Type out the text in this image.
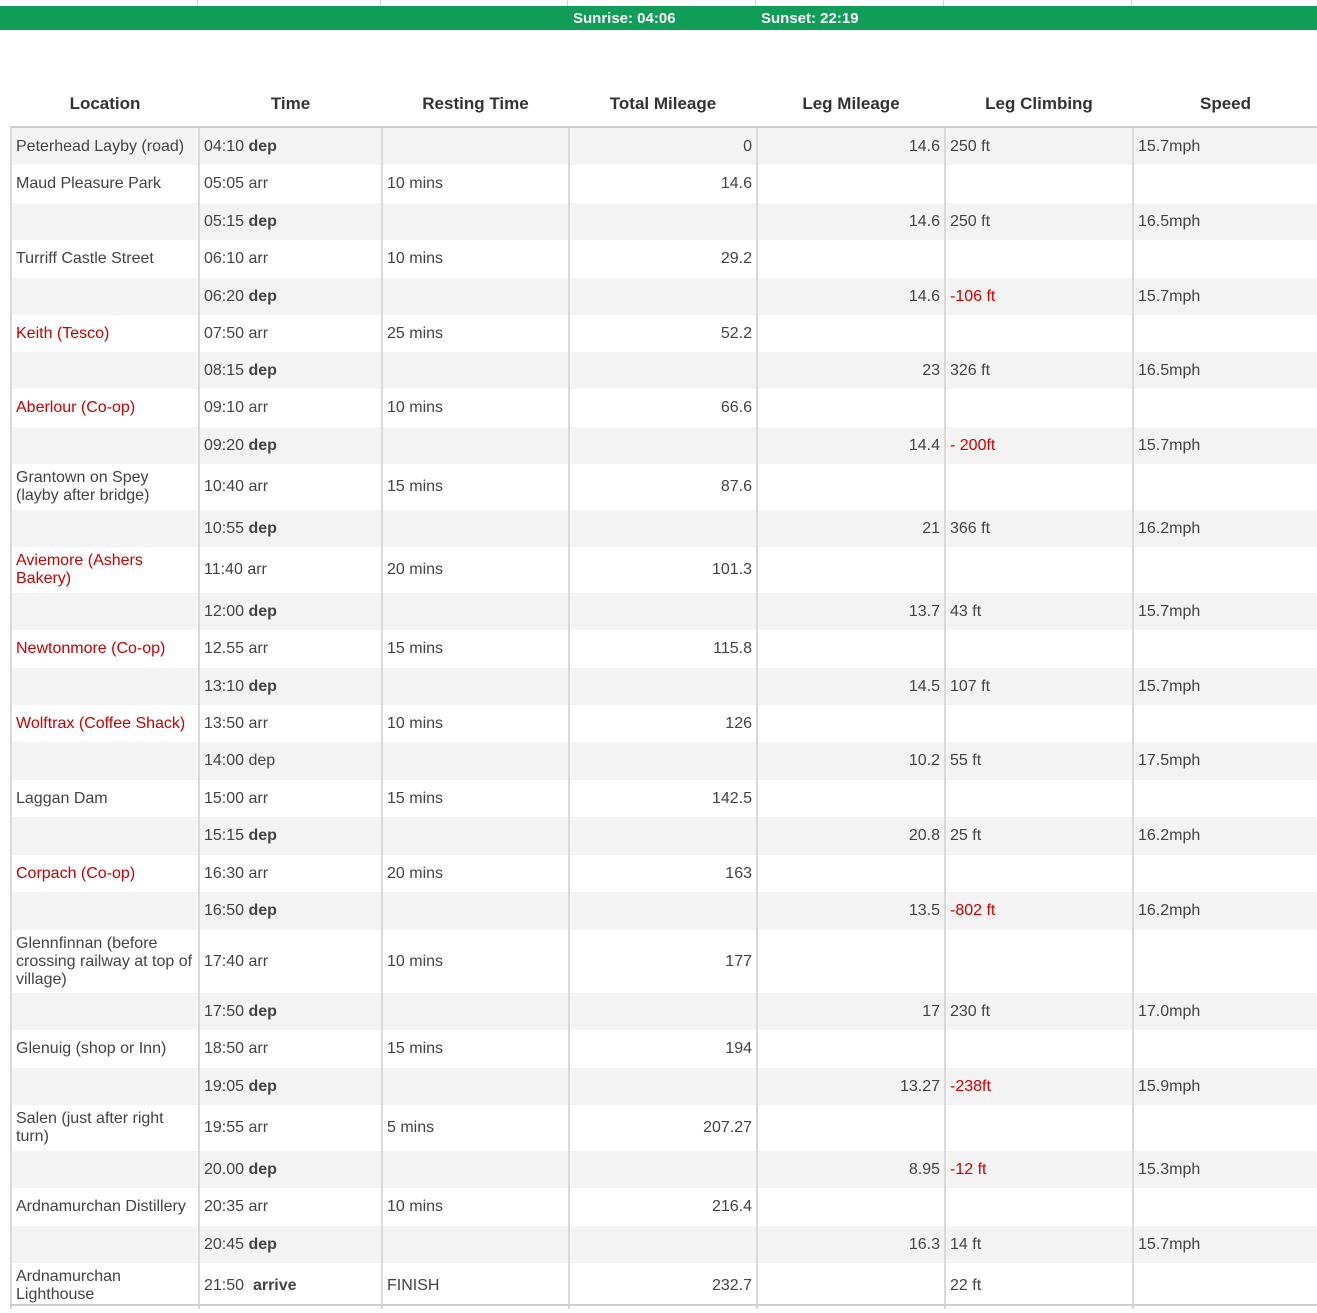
Sunrise: 04:06	Sunset: 22:19
Location	Time	Resting Time	Total Mileage	Leg Mileage	Leg Climbing	Speed
Peterhead Layby (road)	04:10 dep		0	14.6	250 ft	15.7mph
Maud Pleasure Park	05:05 arr	10 mins	14.6			
	05:15 dep			14.6	250 ft	16.5mph
Turriff Castle Street	06:10 arr	10 mins	29.2			
	06:20 dep			14.6	-106 ft	15.7mph
Keith (Tesco)	07:50 arr	25 mins	52.2			
	08:15 dep			23	326 ft	16.5mph
Aberlour (Co-op)	09:10 arr	10 mins	66.6			
	09:20 dep			14.4	- 200ft	15.7mph
Grantown on Spey (layby after bridge)	10:40 arr	15 mins	87.6			
	10:55 dep			21	366 ft	16.2mph
Aviemore (Ashers Bakery)	11:40 arr	20 mins	101.3			
	12:00 dep			13.7	43 ft	15.7mph
Newtonmore (Co-op)	12.55 arr	15 mins	115.8			
	13:10 dep			14.5	107 ft	15.7mph
Wolftrax (Coffee Shack)	13:50 arr	10 mins	126			
	14:00 dep			10.2	55 ft	17.5mph
Laggan Dam	15:00 arr	15 mins	142.5			
	15:15 dep			20.8	25 ft	16.2mph
Corpach (Co-op)	16:30 arr	20 mins	163			
	16:50 dep			13.5	-802 ft	16.2mph
Glennfinnan (before crossing railway at top of village)	17:40 arr	10 mins	177			
	17:50 dep			17	230 ft	17.0mph
Glenuig (shop or Inn)	18:50 arr	15 mins	194			
	19:05 dep			13.27	-238ft	15.9mph
Salen (just after right turn)	19:55 arr	5 mins	207.27			
	20.00 dep			8.95	-12 ft	15.3mph
Ardnamurchan Distillery	20:35 arr	10 mins	216.4			
	20:45 dep			16.3	14 ft	15.7mph
Ardnamurchan Lighthouse	21:50 arrive	FINISH	232.7		22 ft	
